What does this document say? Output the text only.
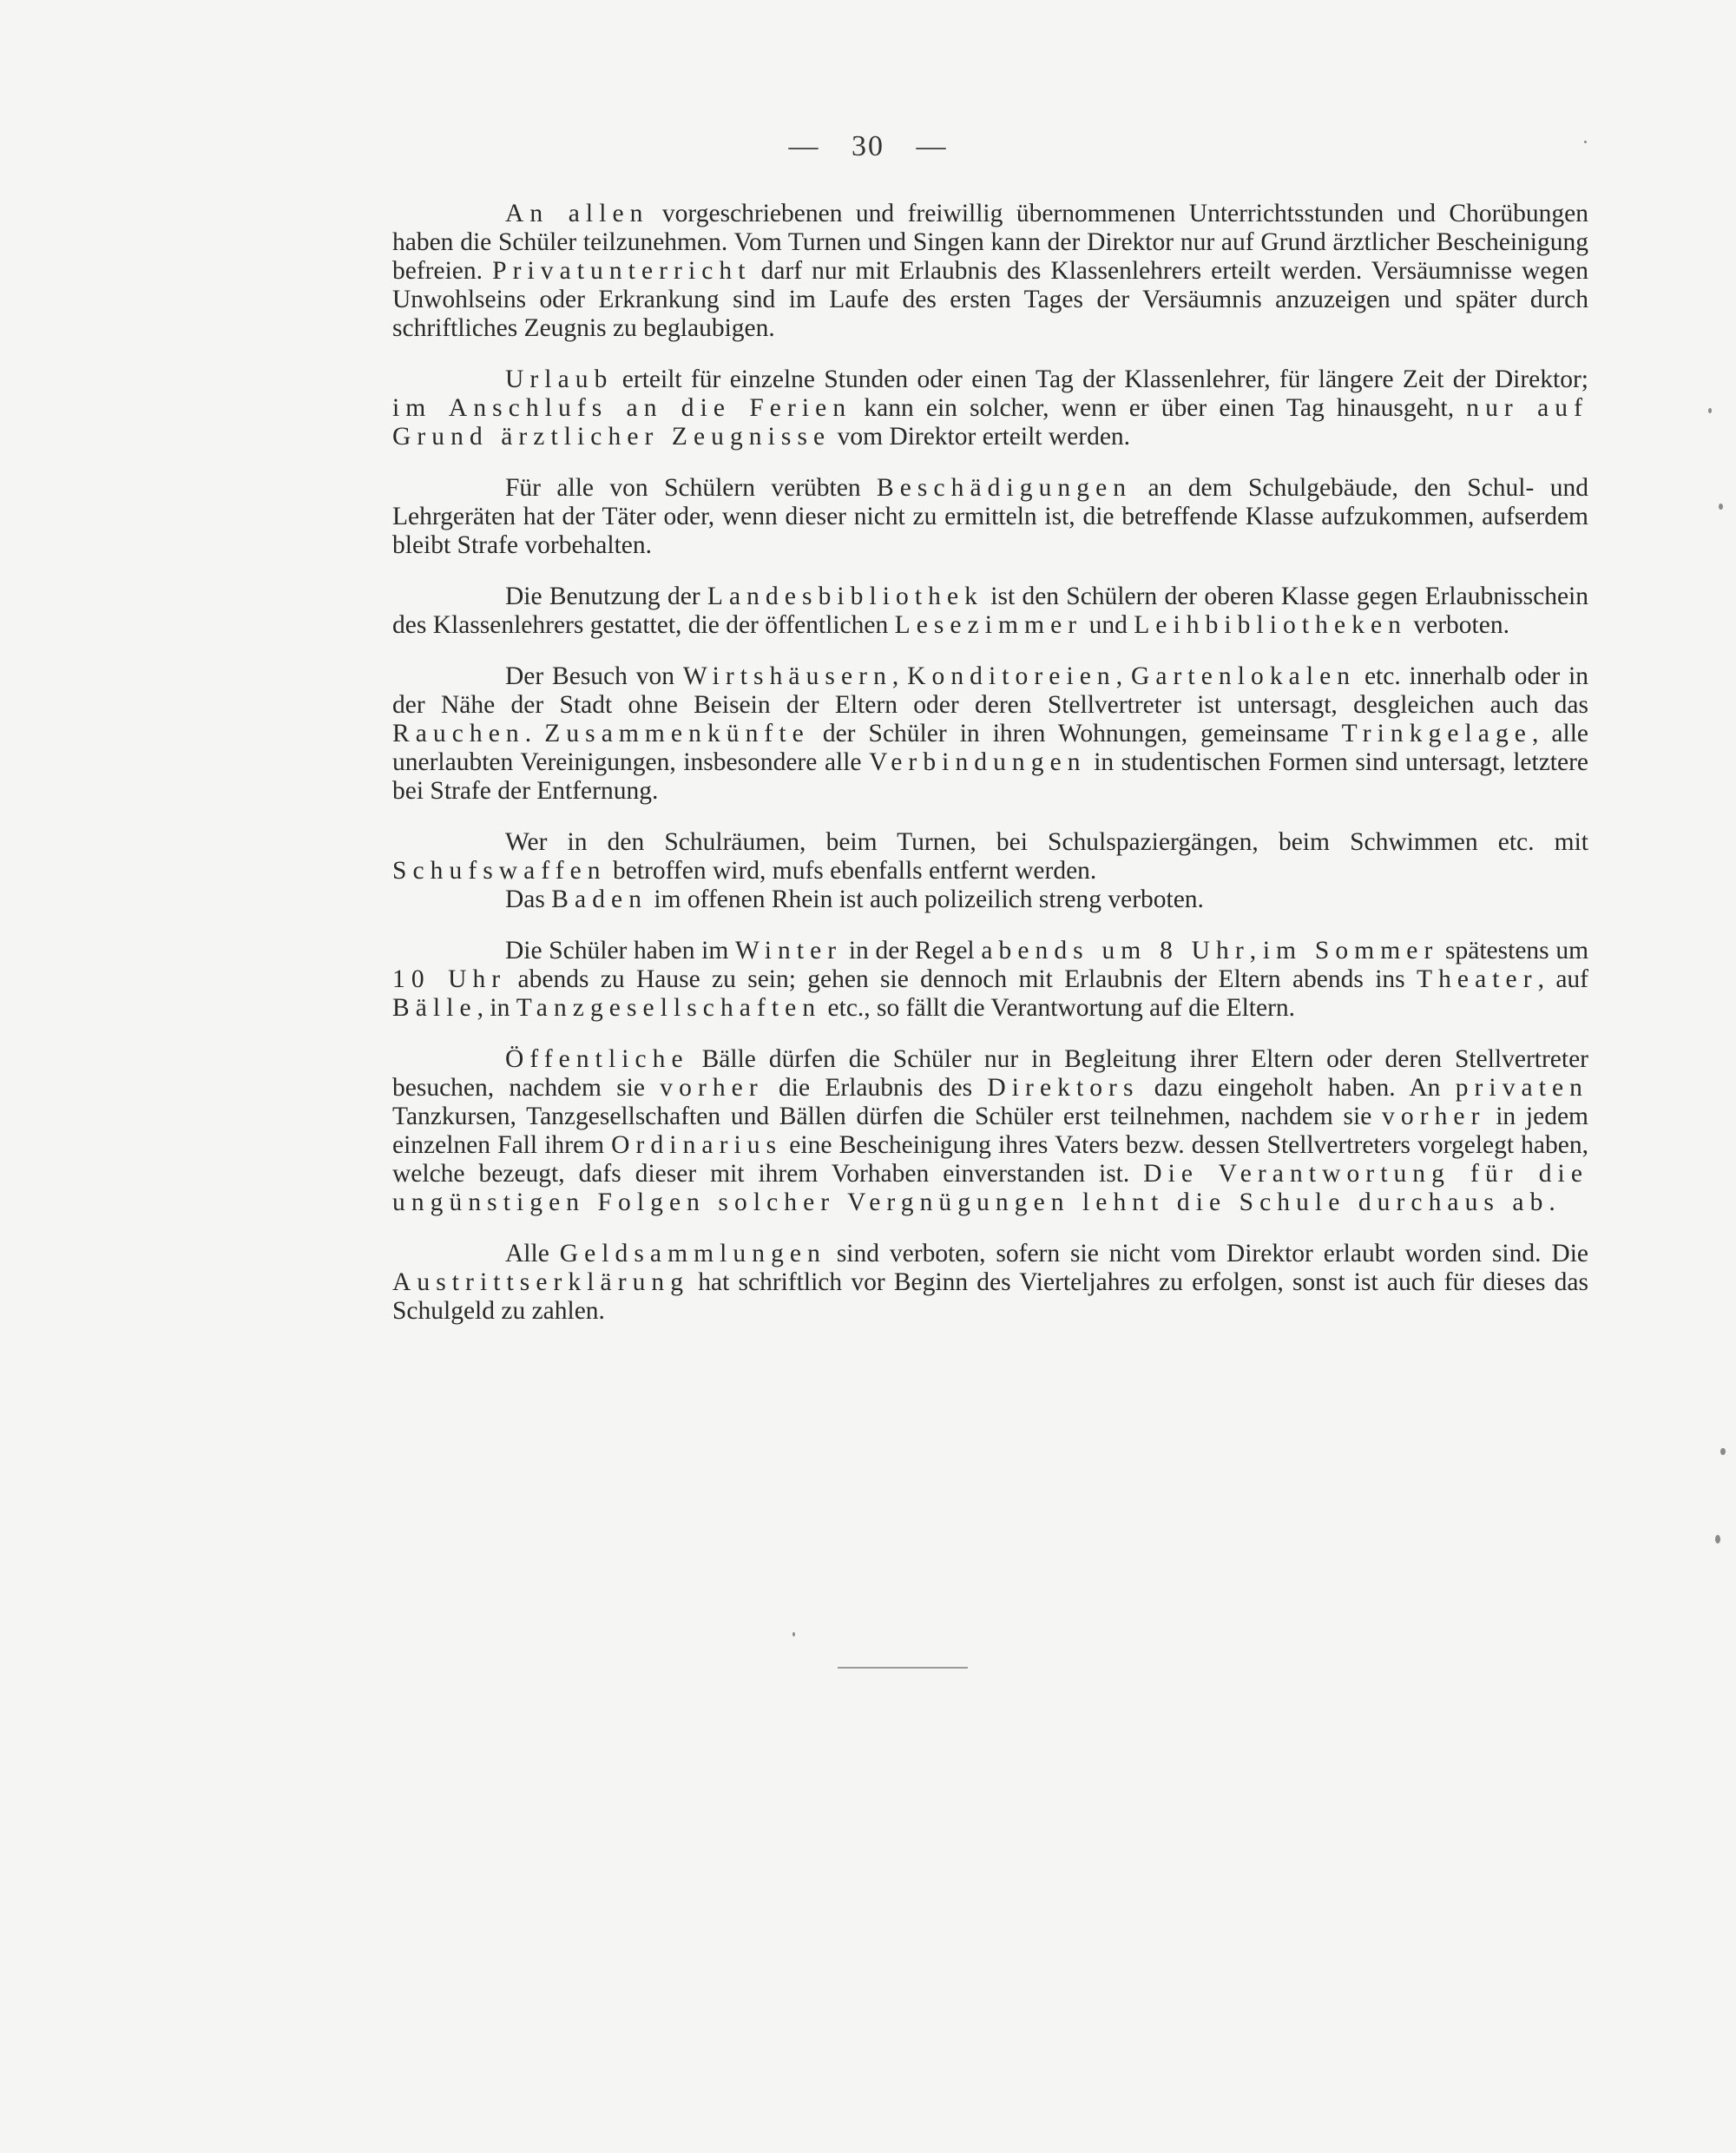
— 30 —

An allen vorgeschriebenen und freiwillig übernommenen Unterrichtsstunden und Chorübungen haben die Schüler teilzunehmen. Vom Turnen und Singen kann der Direktor nur auf Grund ärztlicher Bescheinigung befreien. Privatunterricht darf nur mit Erlaubnis des Klassenlehrers erteilt werden. Versäumnisse wegen Unwohlseins oder Erkrankung sind im Laufe des ersten Tages der Versäumnis anzuzeigen und später durch schriftliches Zeugnis zu beglaubigen.

Urlaub erteilt für einzelne Stunden oder einen Tag der Klassenlehrer, für längere Zeit der Direktor; im Anschlufs an die Ferien kann ein solcher, wenn er über einen Tag hinausgeht, nur auf Grund ärztlicher Zeugnisse vom Direktor erteilt werden.

Für alle von Schülern verübten Beschädigungen an dem Schulgebäude, den Schul- und Lehrgeräten hat der Täter oder, wenn dieser nicht zu ermitteln ist, die betreffende Klasse aufzukommen, aufserdem bleibt Strafe vorbehalten.

Die Benutzung der Landesbibliothek ist den Schülern der oberen Klasse gegen Erlaubnisschein des Klassenlehrers gestattet, die der öffentlichen Lesezimmer und Leihbibliotheken verboten.

Der Besuch von Wirtshäusern, Konditoreien, Gartenlokalen etc. innerhalb oder in der Nähe der Stadt ohne Beisein der Eltern oder deren Stellvertreter ist untersagt, desgleichen auch das Rauchen. Zusammenkünfte der Schüler in ihren Wohnungen, gemeinsame Trinkgelage, alle unerlaubten Vereinigungen, insbesondere alle Verbindungen in studentischen Formen sind untersagt, letztere bei Strafe der Entfernung.

Wer in den Schulräumen, beim Turnen, bei Schulspaziergängen, beim Schwimmen etc. mit Schufswaffen betroffen wird, mufs ebenfalls entfernt werden.

Das Baden im offenen Rhein ist auch polizeilich streng verboten.

Die Schüler haben im Winter in der Regel abends um 8 Uhr, im Sommer spätestens um 10 Uhr abends zu Hause zu sein; gehen sie dennoch mit Erlaubnis der Eltern abends ins Theater, auf Bälle, in Tanzgesellschaften etc., so fällt die Verantwortung auf die Eltern.

Öffentliche Bälle dürfen die Schüler nur in Begleitung ihrer Eltern oder deren Stellvertreter besuchen, nachdem sie vorher die Erlaubnis des Direktors dazu eingeholt haben. An privaten Tanzkursen, Tanzgesellschaften und Bällen dürfen die Schüler erst teilnehmen, nachdem sie vorher in jedem einzelnen Fall ihrem Ordinarius eine Bescheinigung ihres Vaters bezw. dessen Stellvertreters vorgelegt haben, welche bezeugt, dafs dieser mit ihrem Vorhaben einverstanden ist. Die Verantwortung für die ungünstigen Folgen solcher Vergnügungen lehnt die Schule durchaus ab.

Alle Geldsammlungen sind verboten, sofern sie nicht vom Direktor erlaubt worden sind. Die Austrittserklärung hat schriftlich vor Beginn des Vierteljahres zu erfolgen, sonst ist auch für dieses das Schulgeld zu zahlen.
